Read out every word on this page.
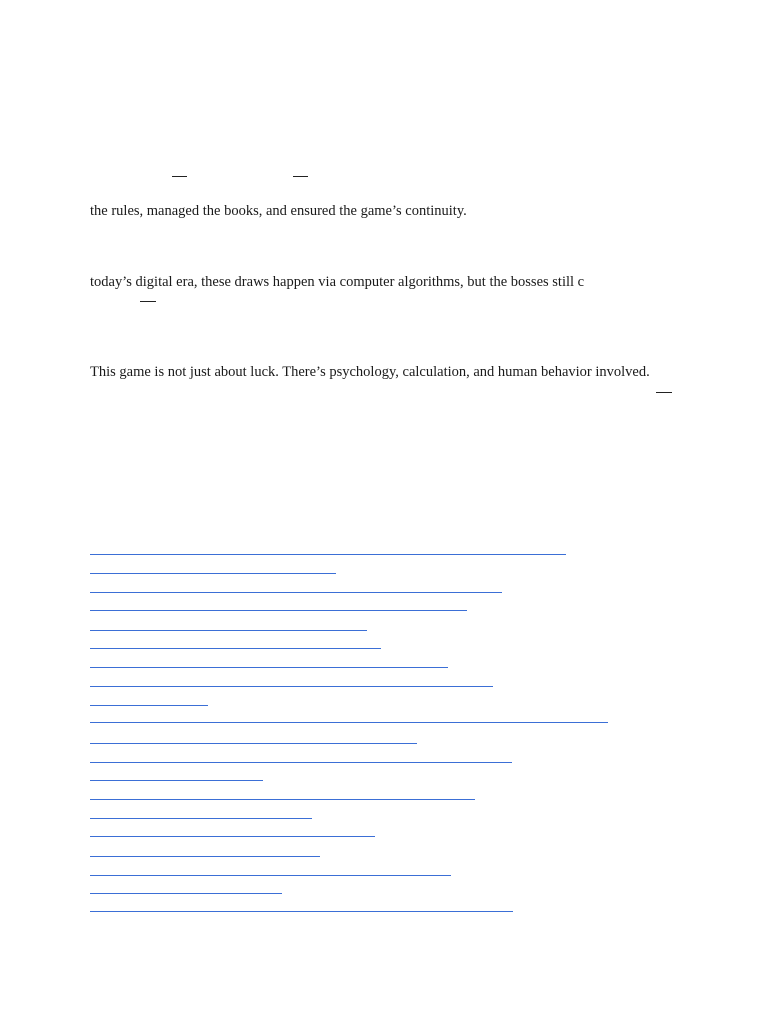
the rules, managed the books, and ensured the game’s continuity.
today’s digital era, these draws happen via computer algorithms, but the bosses still c
This game is not just about luck. There’s psychology, calculation, and human behavior involved.
